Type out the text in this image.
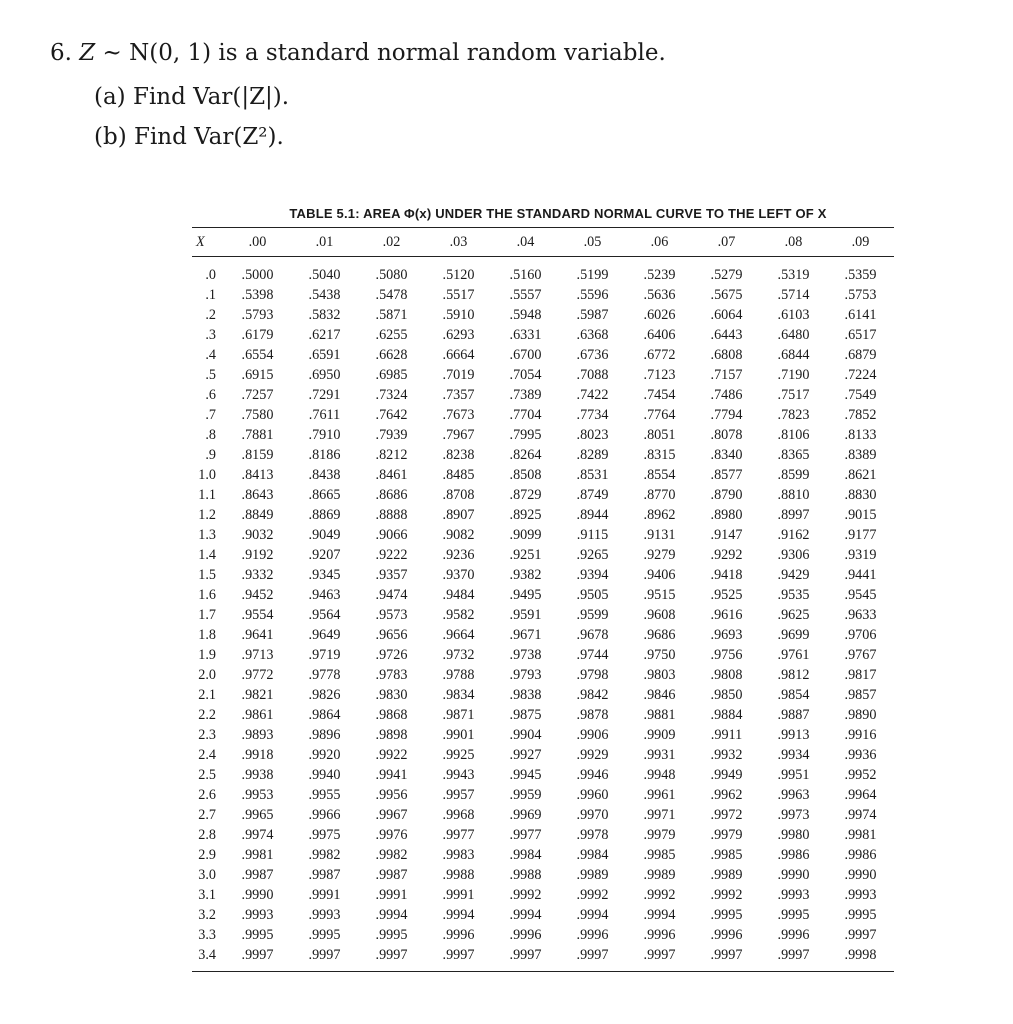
6. Z ~ N(0, 1) is a standard normal random variable.
(a) Find Var(|Z|).
(b) Find Var(Z²).
TABLE 5.1: AREA Φ(x) UNDER THE STANDARD NORMAL CURVE TO THE LEFT OF X
X	.00	.01	.02	.03	.04	.05	.06	.07	.08	.09
.0	.5000	.5040	.5080	.5120	.5160	.5199	.5239	.5279	.5319	.5359
.1	.5398	.5438	.5478	.5517	.5557	.5596	.5636	.5675	.5714	.5753
.2	.5793	.5832	.5871	.5910	.5948	.5987	.6026	.6064	.6103	.6141
.3	.6179	.6217	.6255	.6293	.6331	.6368	.6406	.6443	.6480	.6517
.4	.6554	.6591	.6628	.6664	.6700	.6736	.6772	.6808	.6844	.6879
.5	.6915	.6950	.6985	.7019	.7054	.7088	.7123	.7157	.7190	.7224
.6	.7257	.7291	.7324	.7357	.7389	.7422	.7454	.7486	.7517	.7549
.7	.7580	.7611	.7642	.7673	.7704	.7734	.7764	.7794	.7823	.7852
.8	.7881	.7910	.7939	.7967	.7995	.8023	.8051	.8078	.8106	.8133
.9	.8159	.8186	.8212	.8238	.8264	.8289	.8315	.8340	.8365	.8389
1.0	.8413	.8438	.8461	.8485	.8508	.8531	.8554	.8577	.8599	.8621
1.1	.8643	.8665	.8686	.8708	.8729	.8749	.8770	.8790	.8810	.8830
1.2	.8849	.8869	.8888	.8907	.8925	.8944	.8962	.8980	.8997	.9015
1.3	.9032	.9049	.9066	.9082	.9099	.9115	.9131	.9147	.9162	.9177
1.4	.9192	.9207	.9222	.9236	.9251	.9265	.9279	.9292	.9306	.9319
1.5	.9332	.9345	.9357	.9370	.9382	.9394	.9406	.9418	.9429	.9441
1.6	.9452	.9463	.9474	.9484	.9495	.9505	.9515	.9525	.9535	.9545
1.7	.9554	.9564	.9573	.9582	.9591	.9599	.9608	.9616	.9625	.9633
1.8	.9641	.9649	.9656	.9664	.9671	.9678	.9686	.9693	.9699	.9706
1.9	.9713	.9719	.9726	.9732	.9738	.9744	.9750	.9756	.9761	.9767
2.0	.9772	.9778	.9783	.9788	.9793	.9798	.9803	.9808	.9812	.9817
2.1	.9821	.9826	.9830	.9834	.9838	.9842	.9846	.9850	.9854	.9857
2.2	.9861	.9864	.9868	.9871	.9875	.9878	.9881	.9884	.9887	.9890
2.3	.9893	.9896	.9898	.9901	.9904	.9906	.9909	.9911	.9913	.9916
2.4	.9918	.9920	.9922	.9925	.9927	.9929	.9931	.9932	.9934	.9936
2.5	.9938	.9940	.9941	.9943	.9945	.9946	.9948	.9949	.9951	.9952
2.6	.9953	.9955	.9956	.9957	.9959	.9960	.9961	.9962	.9963	.9964
2.7	.9965	.9966	.9967	.9968	.9969	.9970	.9971	.9972	.9973	.9974
2.8	.9974	.9975	.9976	.9977	.9977	.9978	.9979	.9979	.9980	.9981
2.9	.9981	.9982	.9982	.9983	.9984	.9984	.9985	.9985	.9986	.9986
3.0	.9987	.9987	.9987	.9988	.9988	.9989	.9989	.9989	.9990	.9990
3.1	.9990	.9991	.9991	.9991	.9992	.9992	.9992	.9992	.9993	.9993
3.2	.9993	.9993	.9994	.9994	.9994	.9994	.9994	.9995	.9995	.9995
3.3	.9995	.9995	.9995	.9996	.9996	.9996	.9996	.9996	.9996	.9997
3.4	.9997	.9997	.9997	.9997	.9997	.9997	.9997	.9997	.9997	.9998
